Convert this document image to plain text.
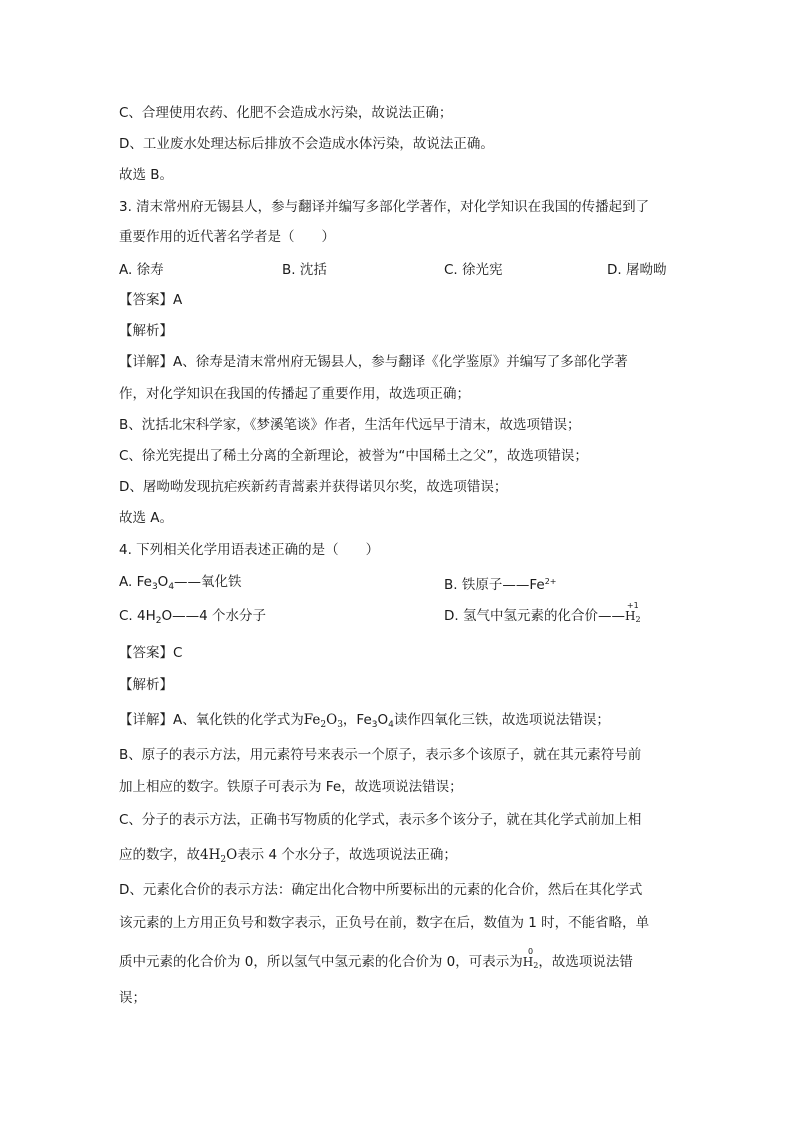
C、合理使用农药、化肥不会造成水污染，故说法正确；
D、工业废水处理达标后排放不会造成水体污染，故说法正确。
故选 B。
3. 清末常州府无锡县人，参与翻译并编写多部化学著作，对化学知识在我国的传播起到了
重要作用的近代著名学者是（　　）
A. 徐寿	B. 沈括	C. 徐光宪	D. 屠呦呦
【答案】A
【解析】
【详解】A、徐寿是清末常州府无锡县人，参与翻译《化学鉴原》并编写了多部化学著
作，对化学知识在我国的传播起了重要作用，故选项正确；
B、沈括北宋科学家，《梦溪笔谈》作者，生活年代远早于清末，故选项错误；
C、徐光宪提出了稀土分离的全新理论，被誉为“中国稀土之父”，故选项错误；
D、屠呦呦发现抗疟疾新药青蒿素并获得诺贝尔奖，故选项错误；
故选 A。
4. 下列相关化学用语表述正确的是（　　）
A. $Fe_3O_4——$氧化铁	B. 铁原子$——Fe^{2+}$
C. $4H_2O——4$ 个水分子	D. 氢气中氢元素的化合价——
+1
$H_2$
【答案】C
【解析】
【详解】A、氧化铁的化学式为$Fe_2O_3$，$Fe_3O_4$读作四氧化三铁，故选项说法错误；
B、原子的表示方法，用元素符号来表示一个原子，表示多个该原子，就在其元素符号前
加上相应的数字。铁原子可表示为 Fe，故选项说法错误；
C、分子的表示方法，正确书写物质的化学式，表示多个该分子，就在其化学式前加上相
应的数字，故$4H_2O$表示 4 个水分子，故选项说法正确；
D、元素化合价的表示方法：确定出化合物中所要标出的元素的化合价，然后在其化学式
该元素的上方用正负号和数字表示，正负号在前，数字在后，数值为 1 时，不能省略，单
质中元素的化合价为 0，所以氢气中氢元素的化合价为 0，可表示为
0
$H_2$，故选项说法错
误；
